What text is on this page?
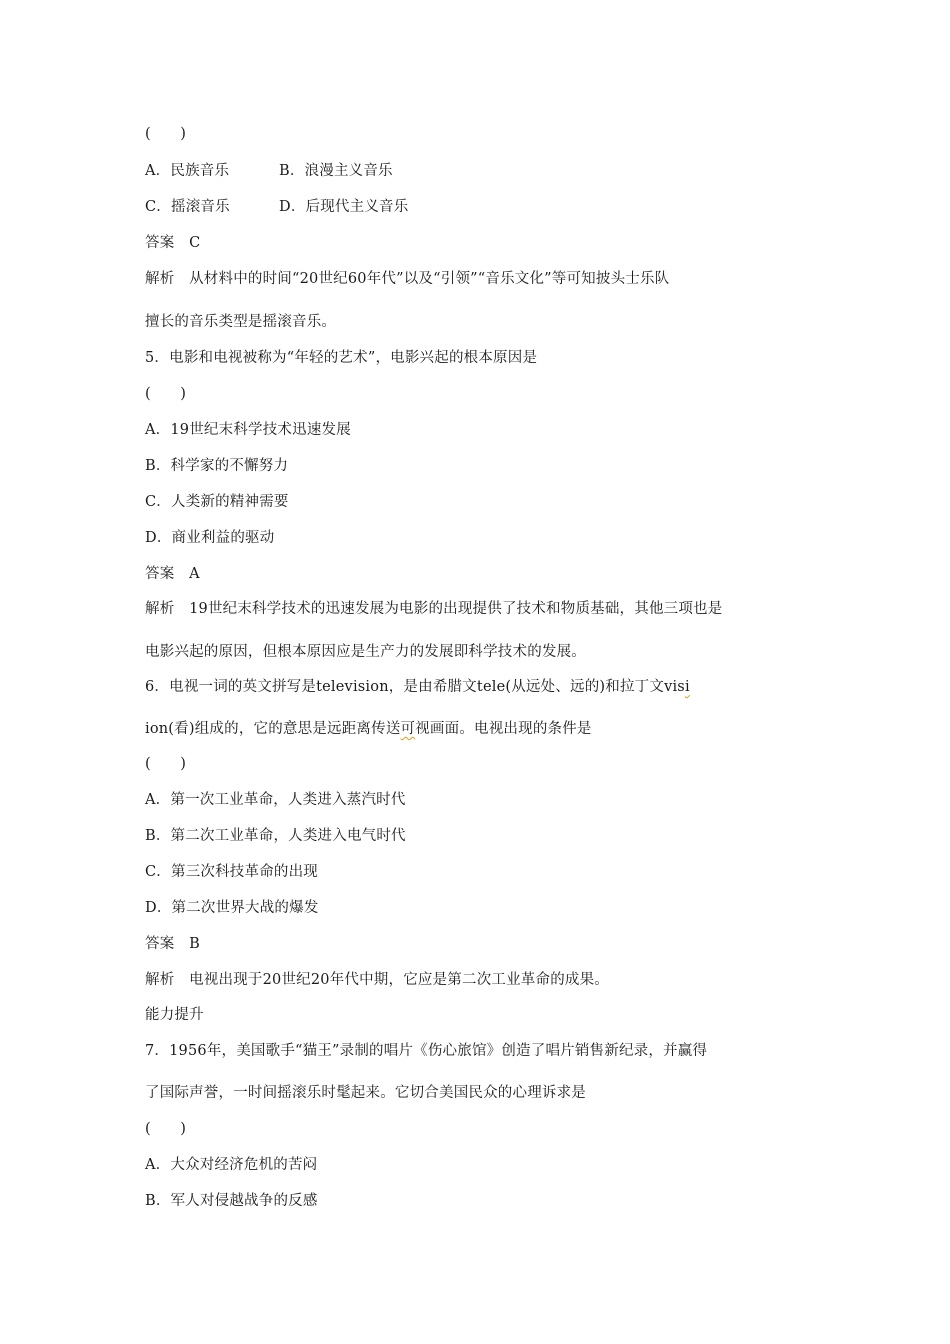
(　　)
A．民族音乐	B．浪漫主义音乐
C．摇滚音乐	D．后现代主义音乐
答案　C
解析　从材料中的时间“20世纪60年代”以及“引领”“音乐文化”等可知披头士乐队
擅长的音乐类型是摇滚音乐。
5．电影和电视被称为“年轻的艺术”，电影兴起的根本原因是
(　　)
A．19世纪末科学技术迅速发展
B．科学家的不懈努力
C．人类新的精神需要
D．商业利益的驱动
答案　A
解析　19世纪末科学技术的迅速发展为电影的出现提供了技术和物质基础，其他三项也是
电影兴起的原因，但根本原因应是生产力的发展即科学技术的发展。
6．电视一词的英文拼写是television，是由希腊文tele(从远处、远的)和拉丁文visi
ion(看)组成的，它的意思是远距离传送可视画面。电视出现的条件是
(　　)
A．第一次工业革命，人类进入蒸汽时代
B．第二次工业革命，人类进入电气时代
C．第三次科技革命的出现
D．第二次世界大战的爆发
答案　B
解析　电视出现于20世纪20年代中期，它应是第二次工业革命的成果。
能力提升
7．1956年，美国歌手“猫王”录制的唱片《伤心旅馆》创造了唱片销售新纪录，并赢得
了国际声誉，一时间摇滚乐时髦起来。它切合美国民众的心理诉求是
(　　)
A．大众对经济危机的苦闷
B．军人对侵越战争的反感
